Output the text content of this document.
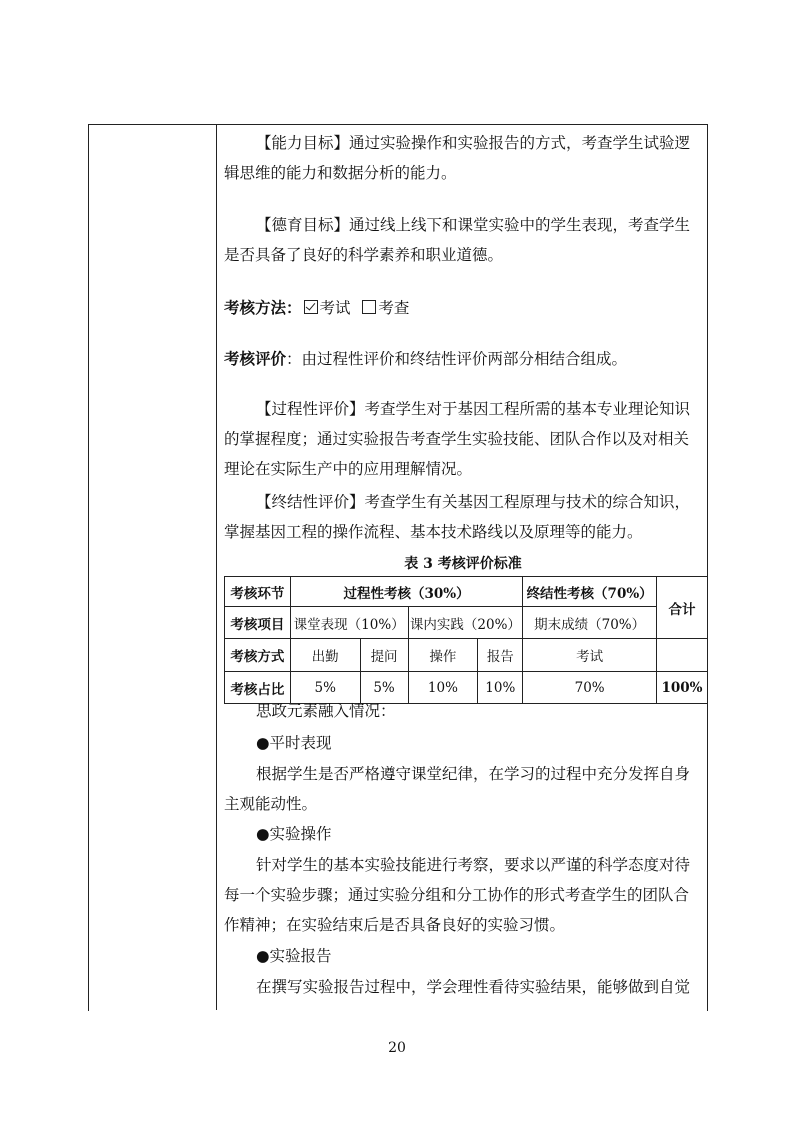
【能力目标】通过实验操作和实验报告的方式，考查学生试验逻辑思维的能力和数据分析的能力。
【德育目标】通过线上线下和课堂实验中的学生表现，考查学生是否具备了良好的科学素养和职业道德。
考核方法： 考试 考查
考核评价：由过程性评价和终结性评价两部分相结合组成。
【过程性评价】考查学生对于基因工程所需的基本专业理论知识的掌握程度；通过实验报告考查学生实验技能、团队合作以及对相关理论在实际生产中的应用理解情况。
【终结性评价】考查学生有关基因工程原理与技术的综合知识，掌握基因工程的操作流程、基本技术路线以及原理等的能力。
表 3 考核评价标准
考核环节	过程性考核（30%）				终结性考核（70%）	合计
考核项目	课堂表现（10%）		课内实践（20%）		期末成绩（70%）	
考核方式	出勤	提问	操作	报告	考试	
考核占比	5%	5%	10%	10%	70%	100%
思政元素融入情况：
●平时表现
根据学生是否严格遵守课堂纪律，在学习的过程中充分发挥自身主观能动性。
●实验操作
针对学生的基本实验技能进行考察，要求以严谨的科学态度对待每一个实验步骤；通过实验分组和分工协作的形式考查学生的团队合作精神；在实验结束后是否具备良好的实验习惯。
●实验报告
在撰写实验报告过程中，学会理性看待实验结果，能够做到自觉
20
